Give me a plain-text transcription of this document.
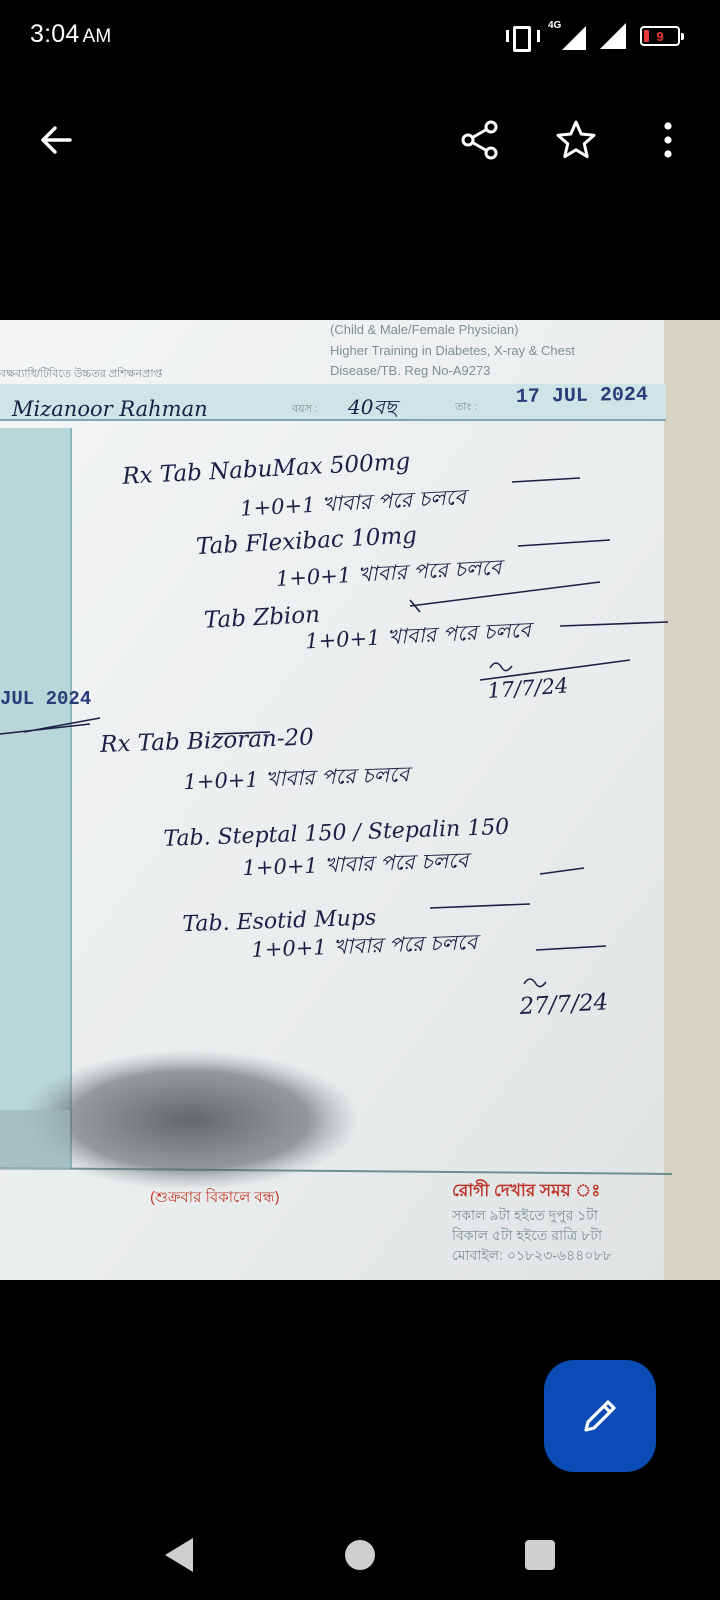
3:04 AM
4G
9
(Child & Male/Female Physician)
Higher Training in Diabetes, X-ray & Chest
Disease/TB. Reg No-A9273
বক্ষব্যাধি/টিবিতে উচ্চতর প্রশিক্ষনপ্রাপ্ত
Mizanoor Rahman	বয়স : 40বছ	তাং : 17 JUL 2024
JUL 2024
Rx Tab NabuMax 500mg
1+0+1 খাবার পরে চলবে
Tab Flexibac 10mg
1+0+1 খাবার পরে চলবে
Tab Zbion
1+0+1 খাবার পরে চলবে
17/7/24
Rx Tab Bizoran-20
1+0+1 খাবার পরে চলবে
Tab. Steptal 150 / Stepalin 150
1+0+1 খাবার পরে চলবে
Tab. Esotid Mups
1+0+1 খাবার পরে চলবে
27/7/24
(শুক্রবার বিকালে বন্ধ)	রোগী দেখার সময় ঃ
সকাল ৯টা হইতে দুপুর ১টা
বিকাল ৫টা হইতে রাত্রি ৮টা
মোবাইল: ০১৮২৩-৬৪৪০৮৮
